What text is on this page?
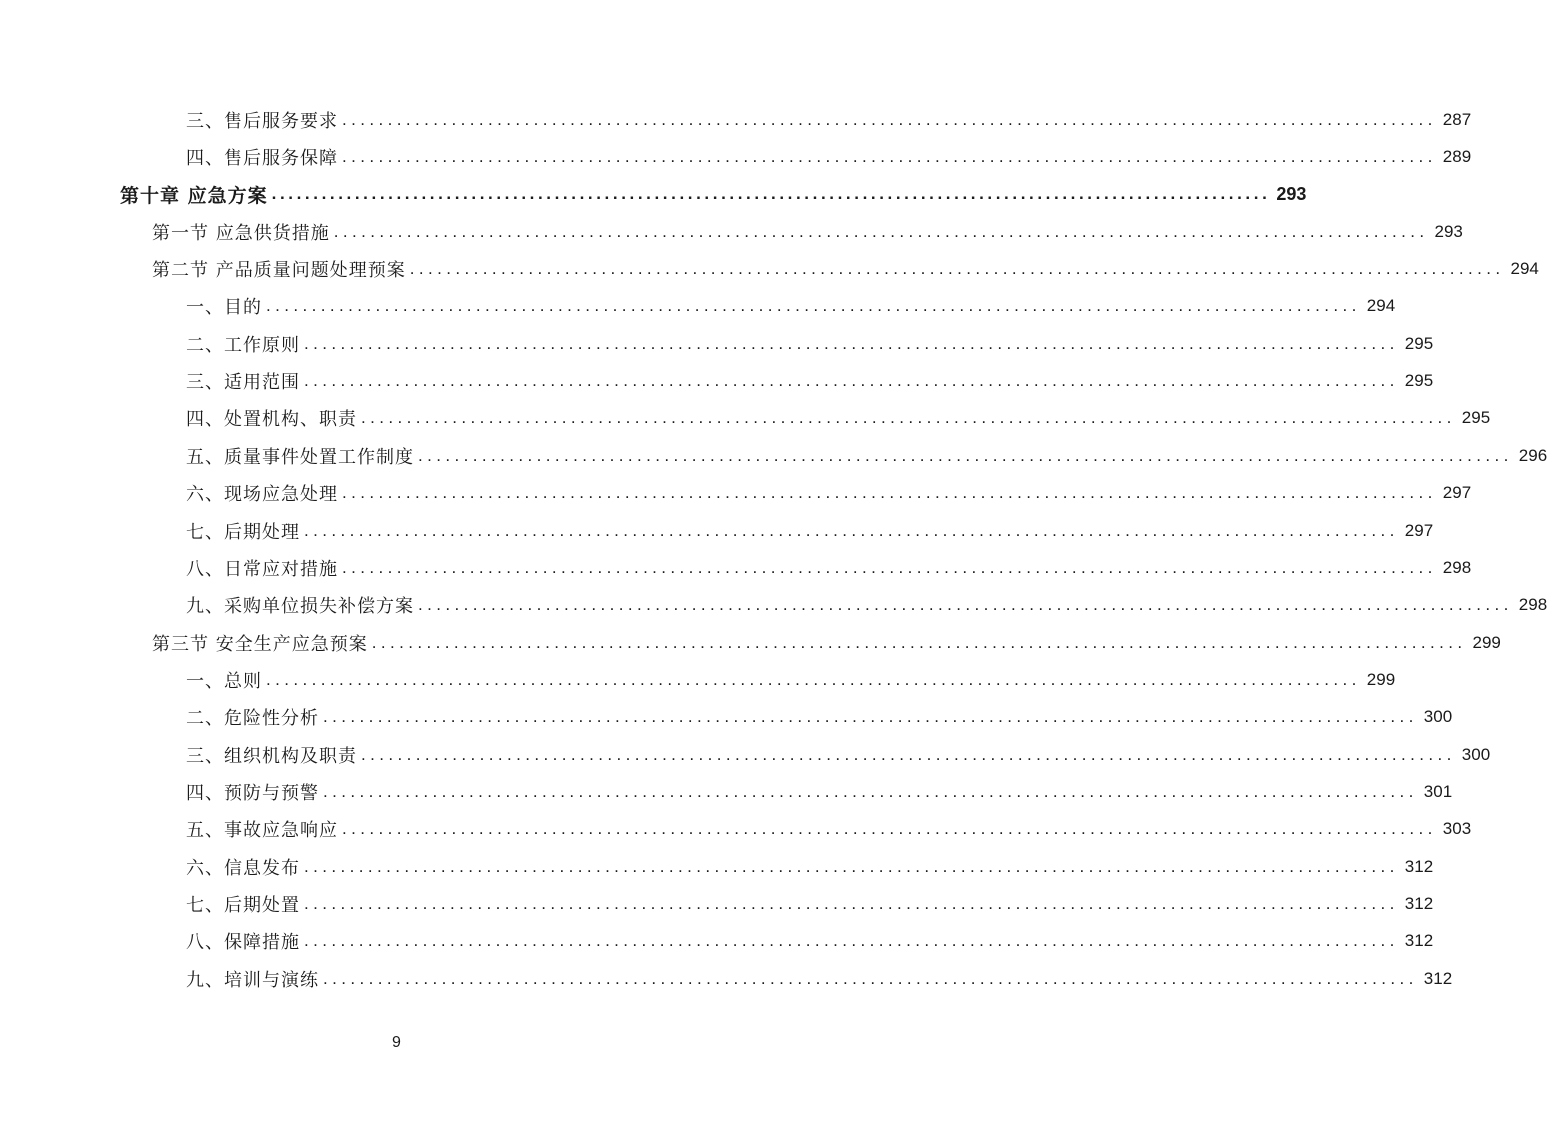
三、售后服务要求 ........................................................................................................................ 287
四、售后服务保障 ........................................................................................................................ 289
第十章 应急方案 ........................................................................................................................ 293
第一节 应急供货措施 ........................................................................................................................ 293
第二节 产品质量问题处理预案 ........................................................................................................................ 294
一、目的 ........................................................................................................................ 294
二、工作原则 ........................................................................................................................ 295
三、适用范围 ........................................................................................................................ 295
四、处置机构、职责 ........................................................................................................................ 295
五、质量事件处置工作制度 ........................................................................................................................ 296
六、现场应急处理 ........................................................................................................................ 297
七、后期处理 ........................................................................................................................ 297
八、日常应对措施 ........................................................................................................................ 298
九、采购单位损失补偿方案 ........................................................................................................................ 298
第三节 安全生产应急预案 ........................................................................................................................ 299
一、总则 ........................................................................................................................ 299
二、危险性分析 ........................................................................................................................ 300
三、组织机构及职责 ........................................................................................................................ 300
四、预防与预警 ........................................................................................................................ 301
五、事故应急响应 ........................................................................................................................ 303
六、信息发布 ........................................................................................................................ 312
七、后期处置 ........................................................................................................................ 312
八、保障措施 ........................................................................................................................ 312
九、培训与演练 ........................................................................................................................ 312
9
